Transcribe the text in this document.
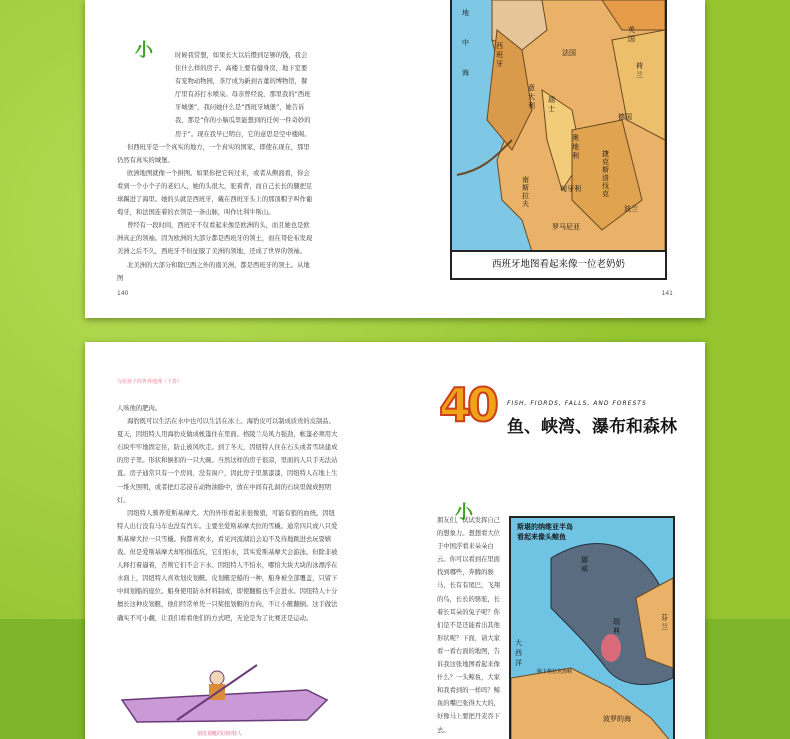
小	时候我常想，如果长大以后攒到足够的钱，我会住什么样的房子。高楼上要有健身房，地下室要有宠物动物园，茶厅成为新到古董的博物馆，餐厅里有苏打水喷泉。母亲曾经说，那里我的“西班牙城堡”，我问她什么是“西班牙城堡”，她告诉我，那是“你的小脑瓜里能想到的任何一件奇妙的房子”。现在我早已明白，它的意思是空中楼阁。

但西班牙是一个真实的地方，一个真实的国家，即使在现在，那里仍然有真实的城堡。

欧洲地图就像一个拼图。如果你把它转过来，或者从侧面看，你会看到一个小个子的老妇人，她的头很大，驼着背，而自己长长的腿把足球踢进了海里。她的头就是西班牙，戴在西班牙头上的那顶帽子叫作葡萄牙，和法国连着的衣领是一条山脉，叫作比利牛斯山。

曾经有一段时间，西班牙不仅看起来像是欧洲的头，而且她也是欧洲真正的领袖。因为欧洲的大部分都是西班牙的领土，而在哥伦布发现美洲之后不久，西班牙不但征服了美洲的领地，还成了世界的领袖。

北美洲的大部分和除巴西之外的南美洲，都是西班牙的领土。从地图

140	141
地
中
海
西班牙
法国
英国
荷兰
德国
瑞士
意大利
奥地利	捷克斯洛伐克
南斯拉夫
匈牙利
波兰
罗马尼亚
西班牙地图看起来像一位老奶奶
写给孩子的世界地理（下卷）

人咳他的肥肉。

海豹既可以生活在水中也可以生活在冰上。海豹皮可以制成质贵的皮制品。夏天，因纽特人用海豹皮做成帐篷住在里面。格陵兰岛风力强劲，帐篷必须用大石块牢牢地固定住，防止被风吹走。到了冬天，因纽特人住在石头或者雪块建成的房子里。形状和倒扣的一只大碗。当然这样的房子很凉，里面的人只手无法站直。房子通常只有一个房间，没有窗户，因此房子里黑漆漆，因纽特人在地上生一堆火照明，或者把灯芯浸在动物油脂中，放在中间有孔洞的石块里做成照明灯。

因纽特人驯养爱斯基摩犬。犬的外形看起来很像狼，可能有狼的血统。因纽特人出行没有马车也没有汽车。主要坐爱斯基摩犬拉的雪橇。通常四只或八只爱斯基摩犬拉一只雪橇。狗都喜欢水，看见河流湖泊会迫不及待地跳进去玩耍嬉戏。但是爱斯基摩犬却怕惧低坑，它们怕水，其实爱斯基摩犬会游泳。但除非被人释打着逼着，否则它们不会下水。因纽特人不怕水，哪怕大块大块的冰漂浮在水面上，因纽特人喜欢划皮划艇。皮划艇是船的一种，船身被全部覆盖，只留下中间划船的座位。船身使用防水材料制成，即使翻船也不会进水。因纽特人十分擅长这种皮划艇，他们经常单凭一只桨扭划艇的方向，不让小艇翻倒。这手做法确实不可小觑，让我们看看他们的方式吧，无论是为了比赛还是运动。

划皮划艇的因纽特人
40 FISH, FIORDS, FALLS, AND FORESTS
鱼、峡湾、瀑布和森林
小

朋友们，试试发挥自己的想象力。想想看大位于中国浮看来朵朵白云。你可以看到在里面找到哪些，奔腾的骏马，长有有尾巴，飞翔的鸟，长长的骆驼，长着长耳朵的兔子呢？你们是不是还能看出其他形状呢？下面，请大家看一看右面的地图，告诉我这张地图看起来像什么？一头鲸鱼，大家和我看到的一样吗？鲸鱼的嘴巴张得大大的，好像马上要把丹麦吞下去。

斯堪的纳维亚半岛
看起来像头鲸鱼
挪威
瑞典
芬兰
大西洋
斯卡格拉克海峡
波罗的海
